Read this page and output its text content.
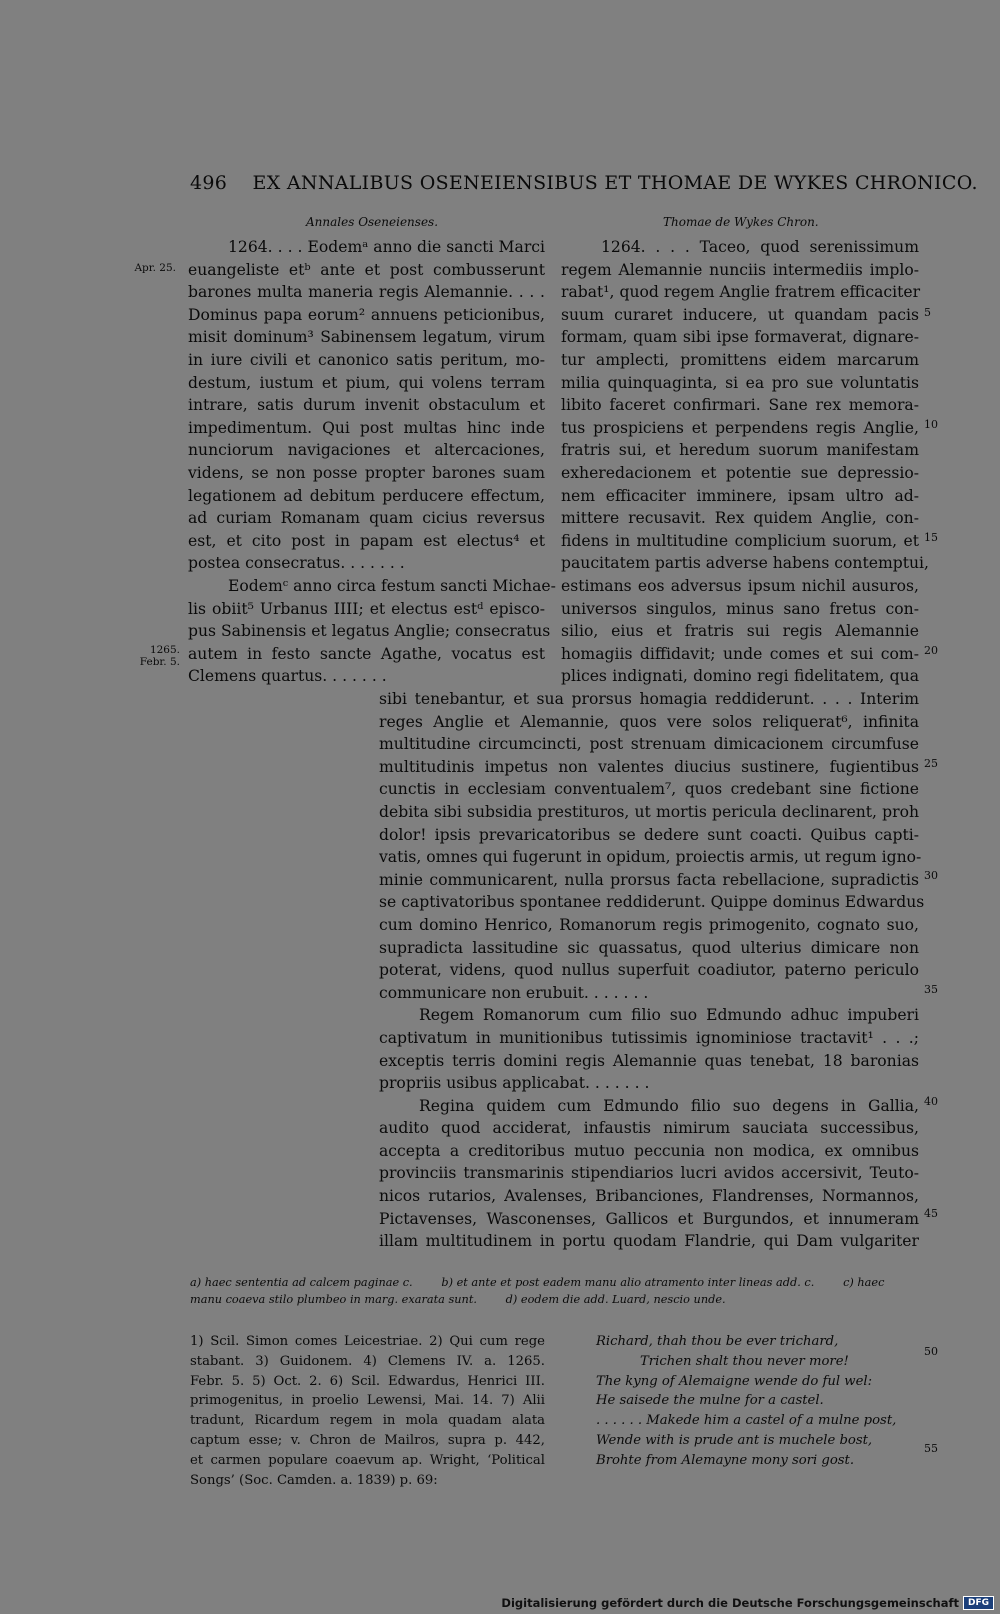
496 EX ANNALIBUS OSENEIENSIBUS ET THOMAE DE WYKES CHRONICO.
Annales Oseneienses.	Thomae de Wykes Chron.
1264. . . . Eodemᵃ anno die sancti Marci
euangeliste etᵇ ante et post combusserunt
barones multa maneria regis Alemannie. . . .
Dominus papa eorum² annuens peticionibus,
misit dominum³ Sabinensem legatum, virum
in iure civili et canonico satis peritum, mo-
destum, iustum et pium, qui volens terram
intrare, satis durum invenit obstaculum et
impedimentum. Qui post multas hinc inde
nunciorum navigaciones et altercaciones,
videns, se non posse propter barones suam
legationem ad debitum perducere effectum,
ad curiam Romanam quam cicius reversus
est, et cito post in papam est electus⁴ et
postea consecratus. . . . . . .
Eodemᶜ anno circa festum sancti Michae-
lis obiit⁵ Urbanus IIII; et electus estᵈ episco-
pus Sabinensis et legatus Anglie; consecratus
autem in festo sancte Agathe, vocatus est
Clemens quartus. . . . . . .
1264. . . . Taceo, quod serenissimum
regem Alemannie nunciis intermediis implo-
rabat¹, quod regem Anglie fratrem efficaciter
suum curaret inducere, ut quandam pacis
formam, quam sibi ipse formaverat, dignare-
tur amplecti, promittens eidem marcarum
milia quinquaginta, si ea pro sue voluntatis
libito faceret confirmari. Sane rex memora-
tus prospiciens et perpendens regis Anglie,
fratris sui, et heredum suorum manifestam
exheredacionem et potentie sue depressio-
nem efficaciter imminere, ipsam ultro ad-
mittere recusavit. Rex quidem Anglie, con-
fidens in multitudine complicium suorum, et
paucitatem partis adverse habens contemptui,
estimans eos adversus ipsum nichil ausuros,
universos singulos, minus sano fretus con-
silio, eius et fratris sui regis Alemannie
homagiis diffidavit; unde comes et sui com-
plices indignati, domino regi fidelitatem, qua
sibi tenebantur, et sua prorsus homagia reddiderunt. . . . Interim
reges Anglie et Alemannie, quos vere solos reliquerat⁶, infinita
multitudine circumcincti, post strenuam dimicacionem circumfuse
multitudinis impetus non valentes diucius sustinere, fugientibus
cunctis in ecclesiam conventualem⁷, quos credebant sine fictione
debita sibi subsidia prestituros, ut mortis pericula declinarent, proh
dolor! ipsis prevaricatoribus se dedere sunt coacti. Quibus capti-
vatis, omnes qui fugerunt in opidum, proiectis armis, ut regum igno-
minie communicarent, nulla prorsus facta rebellacione, supradictis
se captivatoribus spontanee reddiderunt. Quippe dominus Edwardus
cum domino Henrico, Romanorum regis primogenito, cognato suo,
supradicta lassitudine sic quassatus, quod ulterius dimicare non
poterat, videns, quod nullus superfuit coadiutor, paterno periculo
communicare non erubuit. . . . . . .
Regem Romanorum cum filio suo Edmundo adhuc impuberi
captivatum in munitionibus tutissimis ignominiose tractavit¹ . . .;
exceptis terris domini regis Alemannie quas tenebat, 18 baronias
propriis usibus applicabat. . . . . . .
Regina quidem cum Edmundo filio suo degens in Gallia,
audito quod acciderat, infaustis nimirum sauciata successibus,
accepta a creditoribus mutuo peccunia non modica, ex omnibus
provinciis transmarinis stipendiarios lucri avidos accersivit, Teuto-
nicos rutarios, Avalenses, Bribanciones, Flandrenses, Normannos,
Pictavenses, Wasconenses, Gallicos et Burgundos, et innumeram
illam multitudinem in portu quodam Flandrie, qui Dam vulgariter
Apr. 25.
1265.
Febr. 5.
5
10
15
20
25
30
35
40
45
50
55
a) haec sententia ad calcem paginae c.        b) et ante et post eadem manu alio atramento inter lineas add. c.        c) haec
manu coaeva stilo plumbeo in marg. exarata sunt.        d) eodem die add. Luard, nescio unde.
1) Scil. Simon comes Leicestriae. 2) Qui cum rege
stabant. 3) Guidonem. 4) Clemens IV. a. 1265.
Febr. 5. 5) Oct. 2. 6) Scil. Edwardus, Henrici III.
primogenitus, in proelio Lewensi, Mai. 14. 7) Alii
tradunt, Ricardum regem in mola quadam alata
captum esse; v. Chron de Mailros, supra p. 442,
et carmen populare coaevum ap. Wright, ‘Political
Songs’ (Soc. Camden. a. 1839) p. 69:
Richard, thah thou be ever trichard,
Trichen shalt thou never more!
The kyng of Alemaigne wende do ful wel:
He saisede the mulne for a castel.
. . . . . . Makede him a castel of a mulne post,
Wende with is prude ant is muchele bost,
Brohte from Alemayne mony sori gost.
Digitalisierung gefördert durch die Deutsche Forschungsgemeinschaft	DFG
